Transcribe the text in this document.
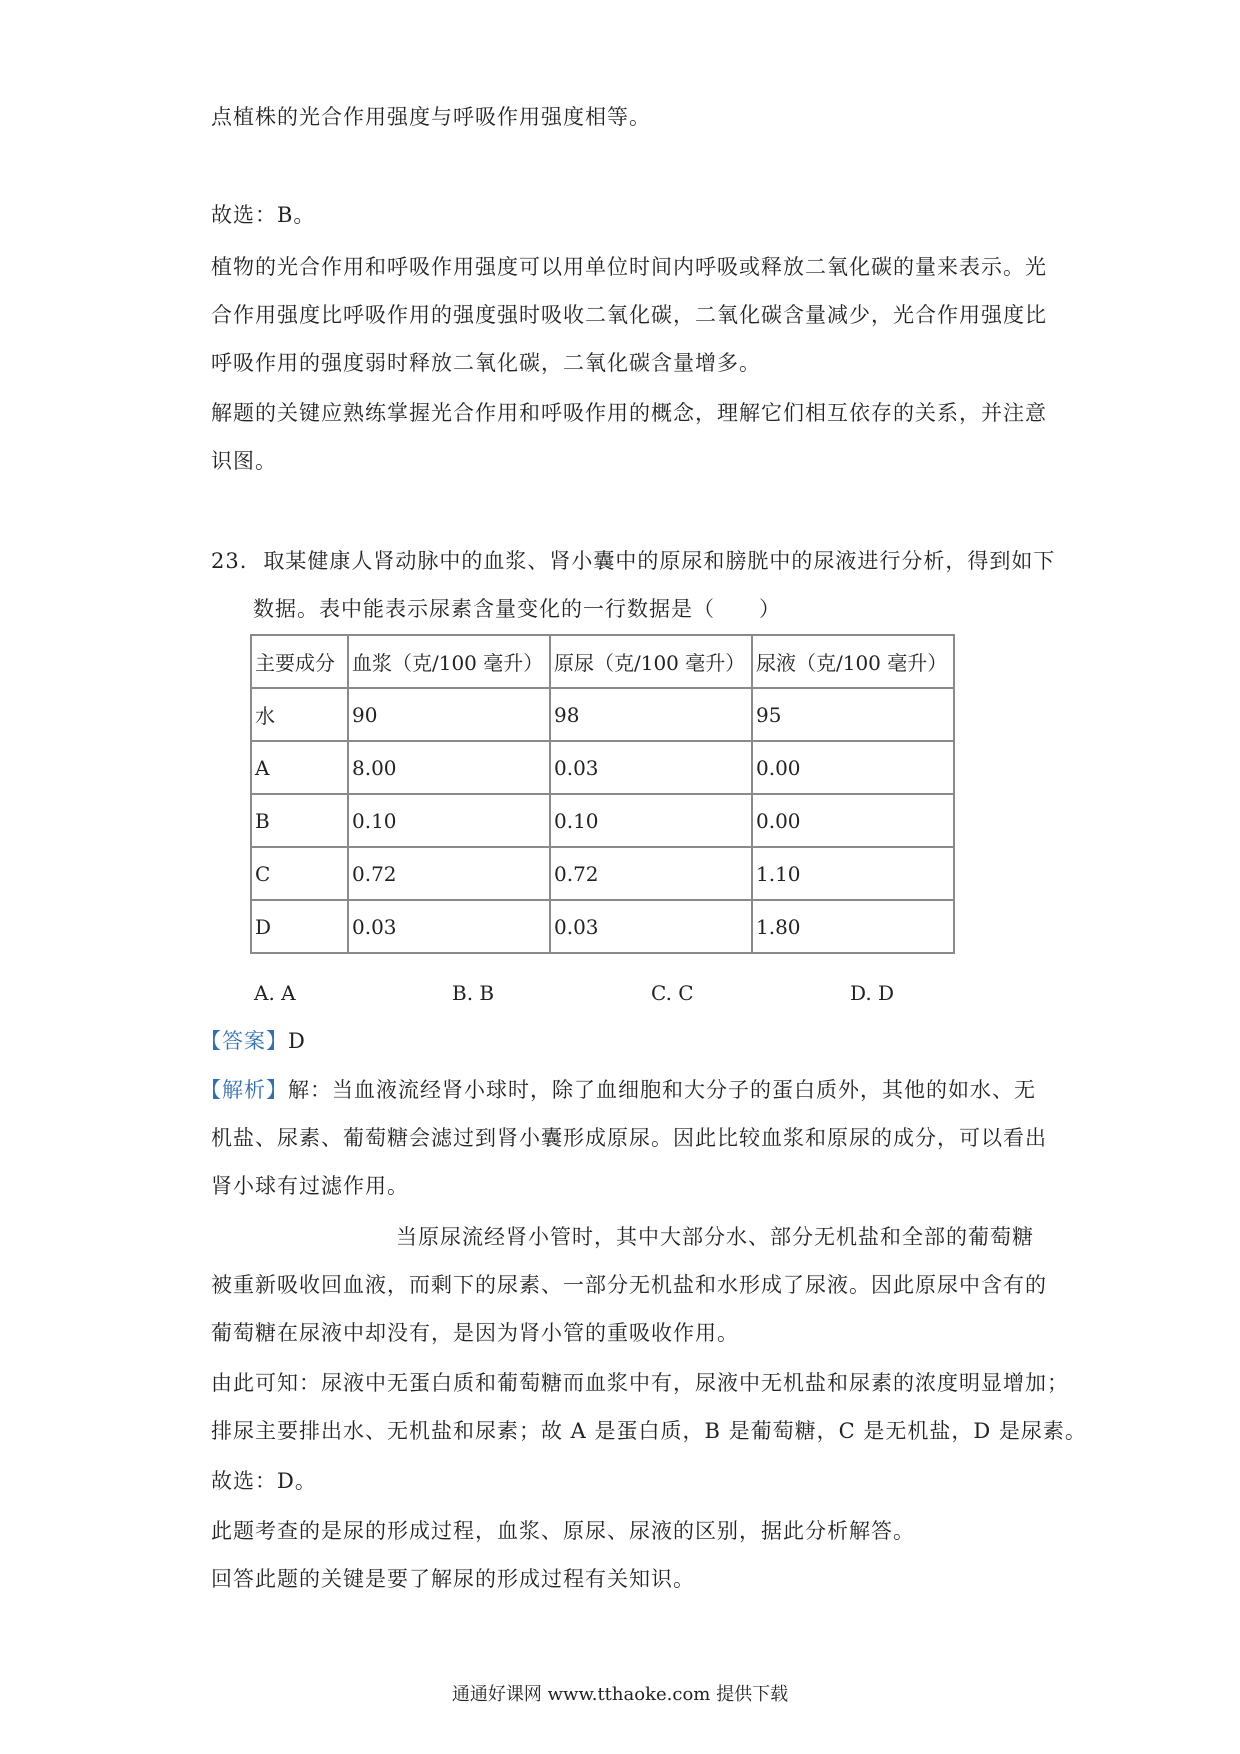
点植株的光合作用强度与呼吸作用强度相等。
故选：B。
植物的光合作用和呼吸作用强度可以用单位时间内呼吸或释放二氧化碳的量来表示。光
合作用强度比呼吸作用的强度强时吸收二氧化碳，二氧化碳含量减少，光合作用强度比
呼吸作用的强度弱时释放二氧化碳，二氧化碳含量增多。
解题的关键应熟练掌握光合作用和呼吸作用的概念，理解它们相互依存的关系，并注意
识图。
23. 取某健康人肾动脉中的血浆、肾小囊中的原尿和膀胱中的尿液进行分析，得到如下
数据。表中能表示尿素含量变化的一行数据是（　　）
主要成分	血浆（克/100 毫升）	原尿（克/100 毫升）	尿液（克/100 毫升）
水	90	98	95
A	8.00	0.03	0.00
B	0.10	0.10	0.00
C	0.72	0.72	1.10
D	0.03	0.03	1.80
A. A	B. B	C. C	D. D
【答案】D
【解析】解：当血液流经肾小球时，除了血细胞和大分子的蛋白质外，其他的如水、无
机盐、尿素、葡萄糖会滤过到肾小囊形成原尿。因此比较血浆和原尿的成分，可以看出
肾小球有过滤作用。
当原尿流经肾小管时，其中大部分水、部分无机盐和全部的葡萄糖
被重新吸收回血液，而剩下的尿素、一部分无机盐和水形成了尿液。因此原尿中含有的
葡萄糖在尿液中却没有，是因为肾小管的重吸收作用。
由此可知：尿液中无蛋白质和葡萄糖而血浆中有，尿液中无机盐和尿素的浓度明显增加；
排尿主要排出水、无机盐和尿素；故 A 是蛋白质，B 是葡萄糖，C 是无机盐，D 是尿素。
故选：D。
此题考查的是尿的形成过程，血浆、原尿、尿液的区别，据此分析解答。
回答此题的关键是要了解尿的形成过程有关知识。
通通好课网 www.tthaoke.com 提供下载
